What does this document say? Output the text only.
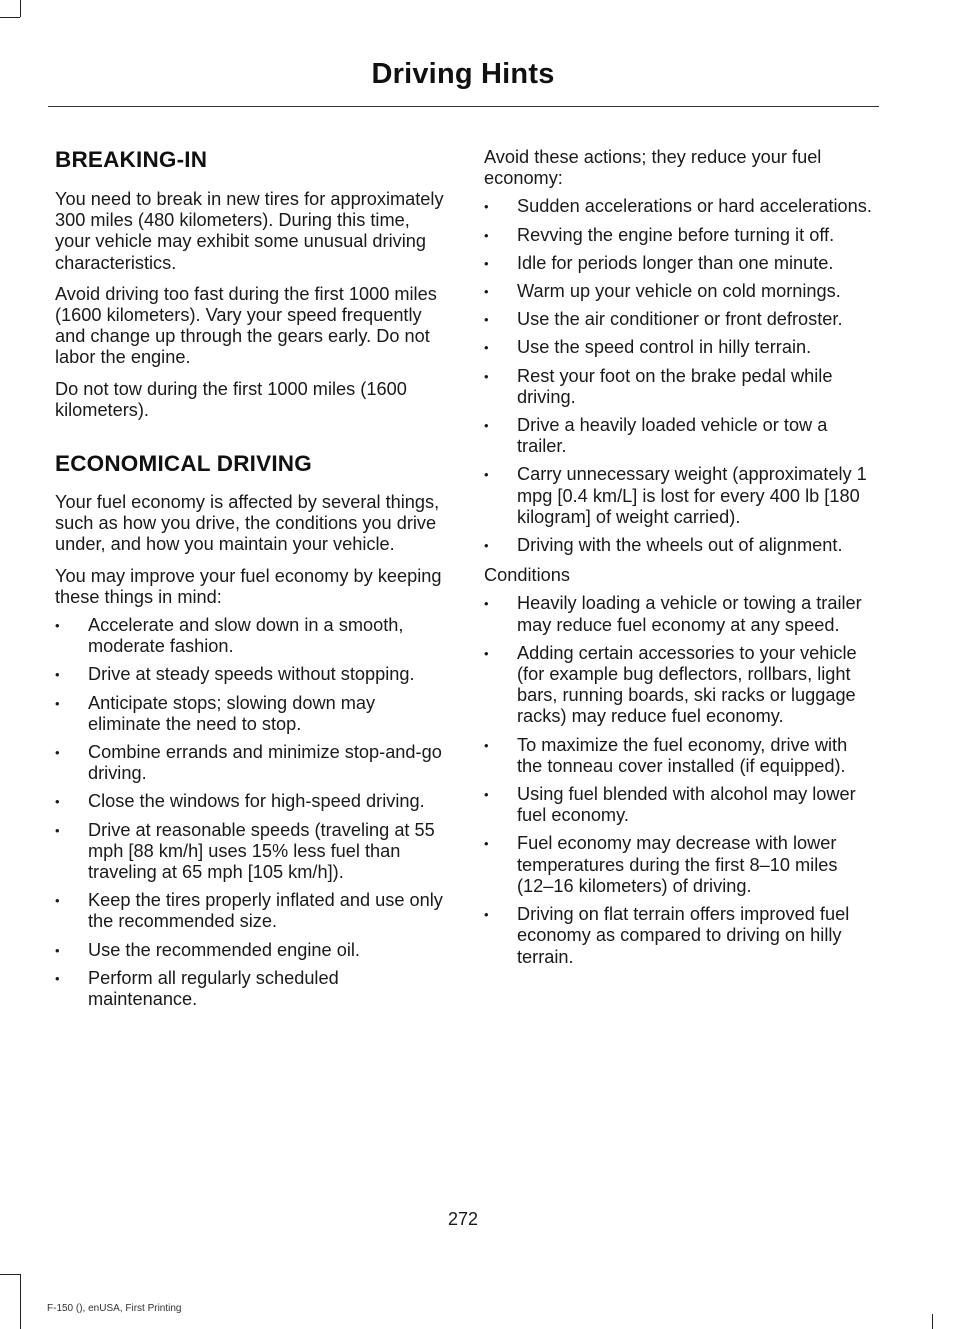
Driving Hints
BREAKING-IN

You need to break in new tires for approximately 300 miles (480 kilometers). During this time, your vehicle may exhibit some unusual driving characteristics.

Avoid driving too fast during the first 1000 miles (1600 kilometers). Vary your speed frequently and change up through the gears early. Do not labor the engine.

Do not tow during the first 1000 miles (1600 kilometers).

ECONOMICAL DRIVING

Your fuel economy is affected by several things, such as how you drive, the conditions you drive under, and how you maintain your vehicle.

You may improve your fuel economy by keeping these things in mind:

• Accelerate and slow down in a smooth, moderate fashion.
• Drive at steady speeds without stopping.
• Anticipate stops; slowing down may eliminate the need to stop.
• Combine errands and minimize stop-and-go driving.
• Close the windows for high-speed driving.
• Drive at reasonable speeds (traveling at 55 mph [88 km/h] uses 15% less fuel than traveling at 65 mph [105 km/h]).
• Keep the tires properly inflated and use only the recommended size.
• Use the recommended engine oil.
• Perform all regularly scheduled maintenance.

Avoid these actions; they reduce your fuel economy:

• Sudden accelerations or hard accelerations.
• Revving the engine before turning it off.
• Idle for periods longer than one minute.
• Warm up your vehicle on cold mornings.
• Use the air conditioner or front defroster.
• Use the speed control in hilly terrain.
• Rest your foot on the brake pedal while driving.
• Drive a heavily loaded vehicle or tow a trailer.
• Carry unnecessary weight (approximately 1 mpg [0.4 km/L] is lost for every 400 lb [180 kilogram] of weight carried).
• Driving with the wheels out of alignment.

Conditions

• Heavily loading a vehicle or towing a trailer may reduce fuel economy at any speed.
• Adding certain accessories to your vehicle (for example bug deflectors, rollbars, light bars, running boards, ski racks or luggage racks) may reduce fuel economy.
• To maximize the fuel economy, drive with the tonneau cover installed (if equipped).
• Using fuel blended with alcohol may lower fuel economy.
• Fuel economy may decrease with lower temperatures during the first 8–10 miles (12–16 kilometers) of driving.
• Driving on flat terrain offers improved fuel economy as compared to driving on hilly terrain.
272
F-150 (), enUSA, First Printing
